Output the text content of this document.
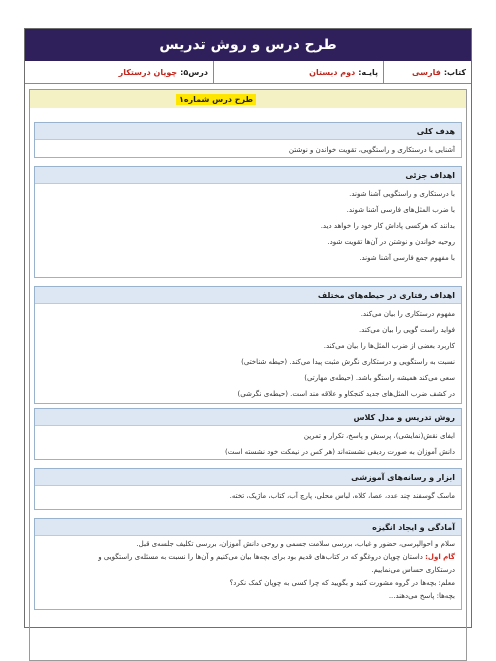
طرح درس و روش تدریس
کتاب:
فارسی
پایـه:
دوم دبستان
درس۵:
چوپان درستکار
طرح درس شماره۱
هدف کلی
آشنایی با درستکاری و راستگویی، تقویت خواندن و نوشتن
اهداف جزئی
با درستکاری و راستگویی آشنا شوند.
با ضرب المثل‌های فارسی آشنا شوند.
بدانند که هرکسی پاداش کار خود را خواهد دید.
روحیه خواندن و نوشتن در آن‌ها تقویت شود.
با مفهوم جمع فارسی آشنا شوند.
اهداف رفتاری در حیطه‌های مختلف
مفهوم درستکاری را بیان می‌کند.
فواید راست گویی را بیان می‌کند.
کاربرد بعضی از ضرب المثل‌ها را بیان می‌کند.
نسبت به راستگویی و درستکاری نگرش مثبت پیدا می‌کند. (حیطه شناختی)
سعی می‌کند همیشه راستگو باشد. (حیطه‌ی مهارتی)
در کشف ضرب المثل‌های جدید کنجکاو و علاقه مند است. (حیطه‌ی نگرشی)
روش تدریس و مدل کلاس
ایفای نقش(نمایشی)، پرسش و پاسخ، تکرار و تمرین
دانش آموزان به صورت ردیفی نشسته‌اند (هر کس در نیمکت خود نشسته است)
ابزار و رسانه‌های آموزشی
ماسک گوسفند چند عدد، عصا، کلاه، لباس محلی، پارچ آب، کتاب، ماژیک، تخته.
آمادگی و ایجاد انگیزه
سلام و احوالپرسی، حضور و غیاب، بررسی سلامت جسمی و روحی دانش آموزان، بررسی تکلیف جلسه‌ی قبل.
گام اول: داستان چوپان دروغگو که در کتاب‌های قدیم بود برای بچه‌ها بیان می‌کنیم و آن‌ها را نسبت به مسئله‌ی راستگویی و
درستکاری حساس می‌نماییم.
معلم: بچه‌ها در گروه مشورت کنید و بگویید که چرا کسی به چوپان کمک نکرد؟
بچه‌ها: پاسخ می‌دهند...
